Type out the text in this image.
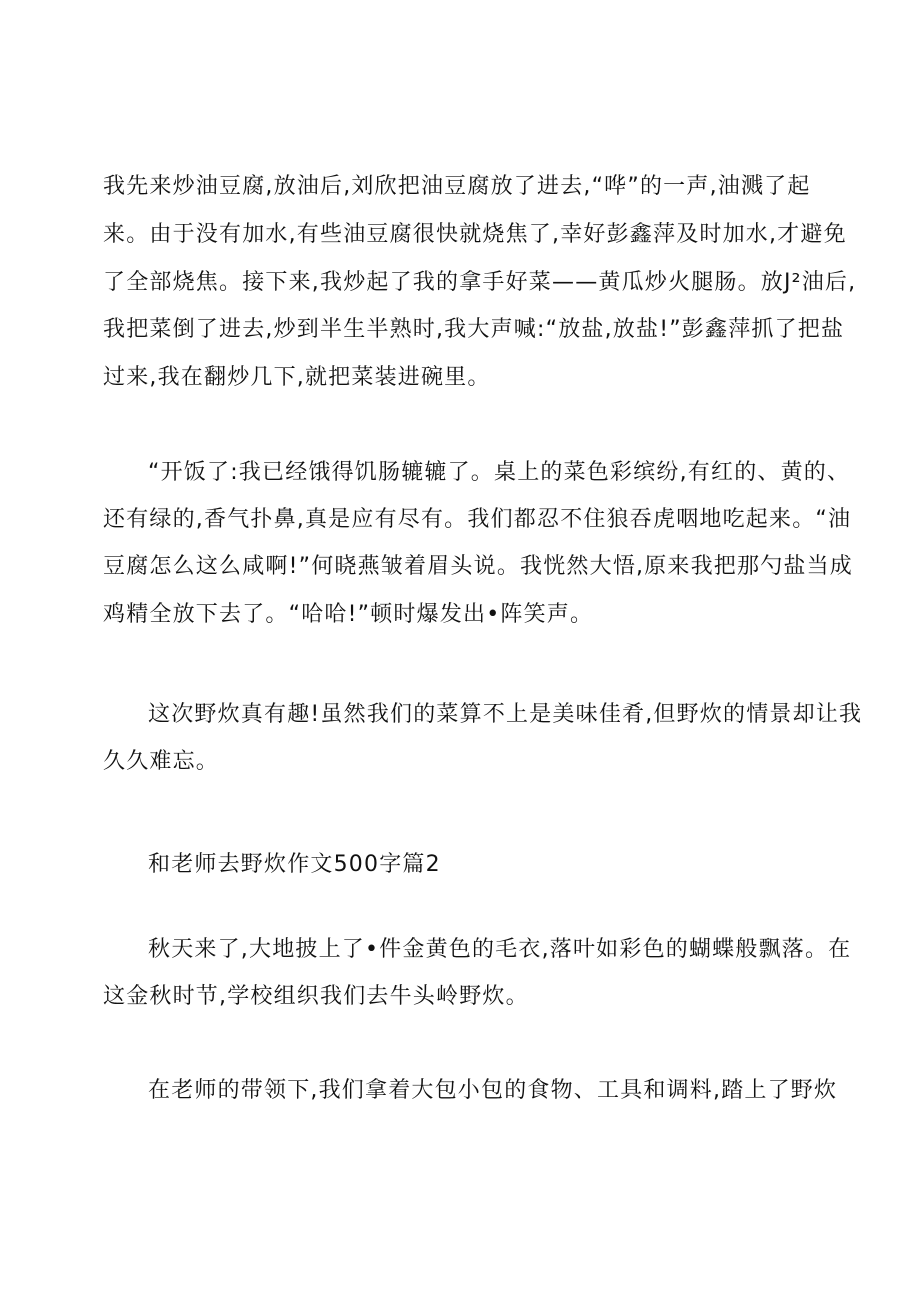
我先来炒油豆腐,放油后,刘欣把油豆腐放了进去,“哗”的一声,油溅了起
来。由于没有加水,有些油豆腐很快就烧焦了,幸好彭鑫萍及时加水,才避免
了全部烧焦。接下来,我炒起了我的拿手好菜——黄瓜炒火腿肠。放J²油后,
我把菜倒了进去,炒到半生半熟时,我大声喊:“放盐,放盐!”彭鑫萍抓了把盐
过来,我在翻炒几下,就把菜装进碗里。
“开饭了:我已经饿得饥肠辘辘了。桌上的菜色彩缤纷,有红的、黄的、
还有绿的,香气扑鼻,真是应有尽有。我们都忍不住狼吞虎咽地吃起来。“油
豆腐怎么这么咸啊!”何晓燕皱着眉头说。我恍然大悟,原来我把那勺盐当成
鸡精全放下去了。“哈哈!”顿时爆发出•阵笑声。
这次野炊真有趣!虽然我们的菜算不上是美味佳肴,但野炊的情景却让我
久久难忘。
和老师去野炊作文500字篇2
秋天来了,大地披上了•件金黄色的毛衣,落叶如彩色的蝴蝶般飘落。在
这金秋时节,学校组织我们去牛头岭野炊。
在老师的带领下,我们拿着大包小包的食物、工具和调料,踏上了野炊
